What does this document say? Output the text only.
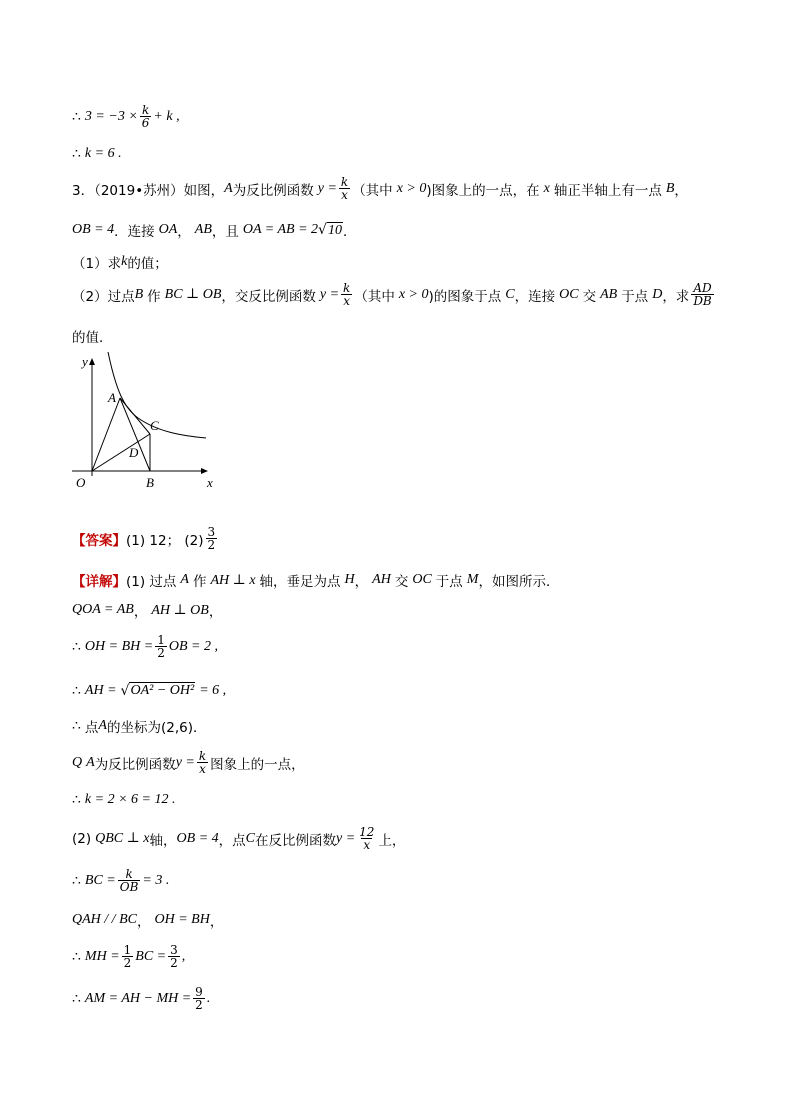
∴ $3 = -3 \times \frac{k}{6} + k$ ,
∴ k = 6 .
3．（2019•苏州）如图， A 为反比例函数 $y = \frac{k}{x}$ （其中 x > 0 )图象上的一点，在 x 轴正半轴上有一点 B ，
OB = 4 ．连接 OA ， AB ，且 OA = AB = 2 √ 10 ．
（1）求 k 的值；
（2）过点 B 作 BC ⊥ OB ，交反比例函数 $y = \frac{k}{x}$ （其中 x > 0 )的图象于点 C ，连接 OC 交 AB 于点 D ，求 $\frac{AD}{DB}$
的值．
y
A
C
D
O	B	x
【答案】 (1) 12； $(2) \frac{3}{2}$
【详解】 (1) 过点 A 作 AH ⊥ x 轴，垂足为点 H ， AH 交 OC 于点 M ，如图所示．
Q OA = AB ， AH ⊥ OB ，
∴ OH = BH = $\frac{1}{2}$ OB = 2 ,
∴ AH = √ OA² − OH² = 6 ,
∴ 点 A 的坐标为(2,6)．
Q A 为反比例函数 $y = \frac{k}{x}$ 图象上的一点，
∴ k = 2 × 6 = 12 .
(2) Q BC ⊥ x 轴， OB = 4 ，点 C 在反比例函数 $y = \frac{12}{x}$ 上，
∴ BC = $\frac{k}{OB} = 3$ .
Q AH / / BC ， OH = BH ，
∴ MH = $\frac{1}{2}$ BC = $\frac{3}{2}$ ,
∴ AM = AH − MH = $\frac{9}{2}$ .
